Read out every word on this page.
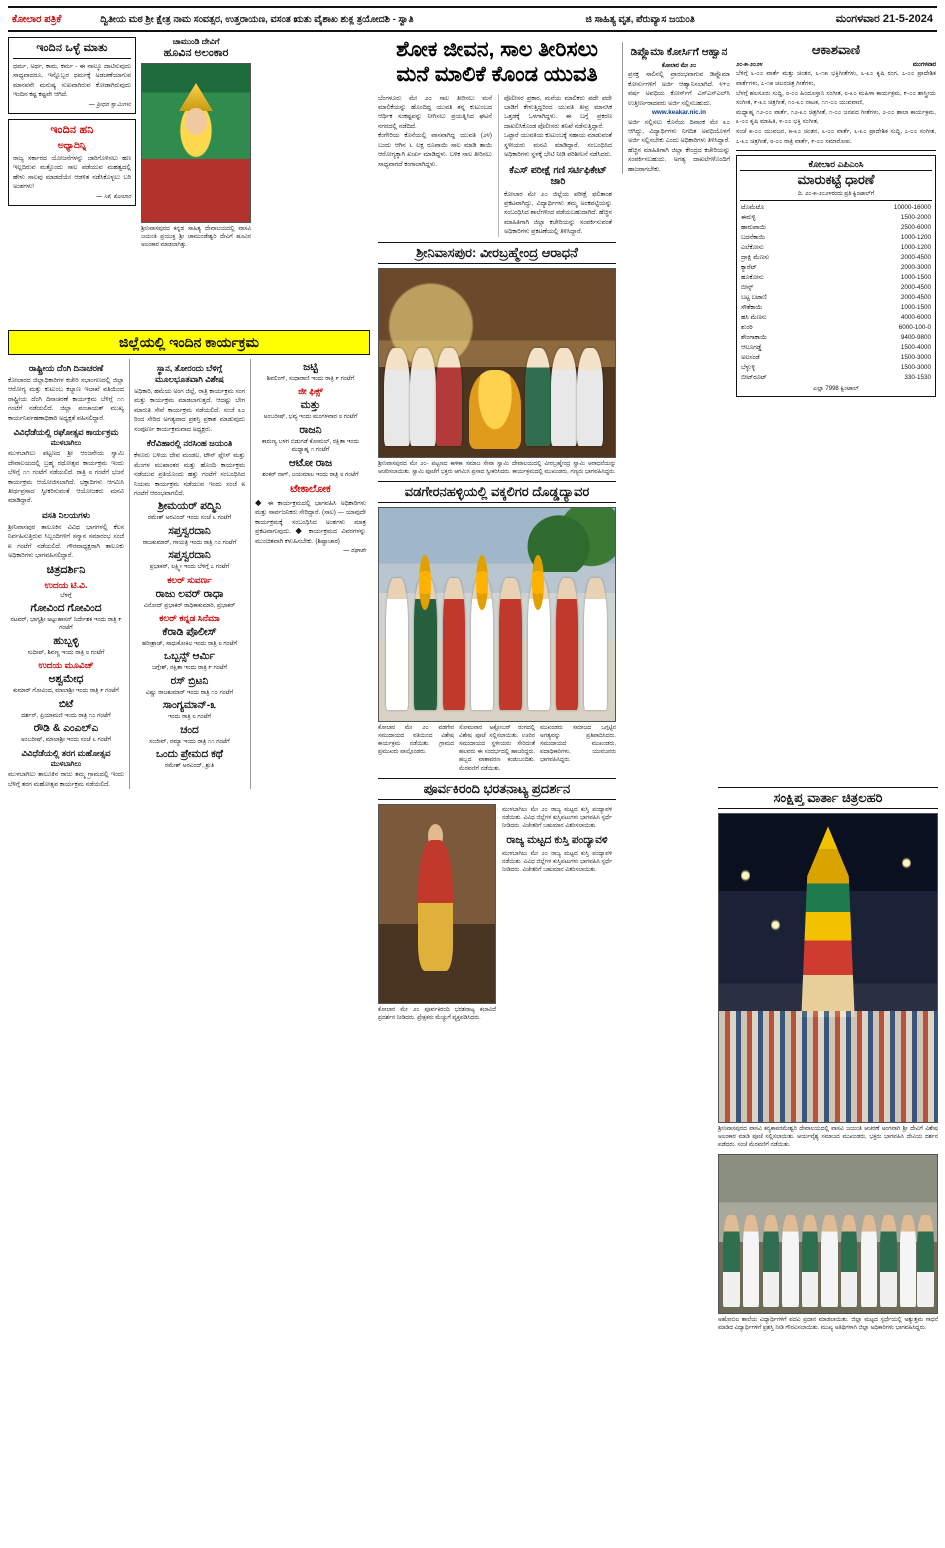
ಕೋಲಾರ ಪತ್ರಿಕೆ	ದ್ವಿತೀಯ ಮಠ ಶ್ರೀ ಕ್ಷೇತ್ರ ನಾಮ ಸಂವತ್ಸರ, ಉತ್ತರಾಯಣ, ವಸಂತ ಋತು ವೈಶಾಖ ಶುಕ್ಲ ತ್ರಯೋದಶಿ - ಸ್ವಾತಿ	ಜಿ ಸಾಹಿತ್ಯ ವೃತ, ಪೆರುವ್ಯಾಸ ಜಯಂತಿ	ಮಂಗಳವಾರ 21-5-2024
ಇಂದಿನ ಒಳ್ಳೆ ಮಾತು
ಧರ್ಮ, ಅರ್ಥ, ಕಾಮ, ಕರ್ಮ - ಈ ನಾಲ್ಕೂ ದಾಟಿಸುವುದು ಸಾಧ್ಯವಾದರೂ, ಇನ್ನೊಬ್ಬರ ಧರ್ಮಕ್ಕೆ ಅಡಚಣೆಯಾಗುವ ಮಾನವನೇ ಮನುಷ್ಯ ಸುಖವಾಗಿರುವ ಕೋಡಾಗಿರುವುದು ಇಂದಿನ ಕಷ್ಟ ಕಷ್ಟವೇ ಆಗಿದೆ.
— ಶ್ರೀಧರ ಸ್ವಾಮಿಗಳು
ಇಂದಿನ ಹನಿ
ಅಧ್ಯಾದಿನ್ನಿ
ರಾಜ್ಯ ಸರ್ಕಾರದ ಯೋಜನೆಗಳನ್ನು ಜಾರಿಗೊಳಿಸಲು ಹಣ ಇಲ್ಲದಿರುವ ಮತ್ತೊಂದು ಸಾಲ ಪಡೆಯುವ ಮಹತ್ವದಲ್ಲಿ ಹೇಳು ಸಾಲವು ಮಾಡದೆಯೇ ಆಡಳಿತ ನಡೆಸಿಕೊಳ್ಳಲು ಬರಿ ಅಂಶಗಳು!
— ಸಿಕೆ, ಕೋಲಾರ
ಚಾಮುಂಡಿ ದೇವಿಗೆ
ಹೂವಿನ ಅಲಂಕಾರ
ಶ್ರೀನಿವಾಸಪುರದ ಕನ್ನಡ ಸಾಹಿತ್ಯ ದೇವಾಲಯದಲ್ಲಿ ವಾಸವಿ ಜಯಂತಿ ಪ್ರಯುಕ್ತ ಶ್ರೀ ಚಾಮುಂಡೇಶ್ವರಿ ದೇವಿಗೆ ಹೂವಿನ ಅಲಂಕಾರ ಮಾಡಲಾಗಿತ್ತು.
ಜಿಲ್ಲೆಯಲ್ಲಿ ಇಂದಿನ ಕಾರ್ಯಕ್ರಮ
ರಾಷ್ಟ್ರೀಯ ದೆಂಗಿ ದಿನಾಚರಣೆ
ಕೋಲಾರದ ಜಿಲ್ಲಾಧಿಕಾರಿಗಳ ಕಚೇರಿ ಸಭಾಂಗಣದಲ್ಲಿ ಜಿಲ್ಲಾ ಆರೋಗ್ಯ ಮತ್ತು ಕುಟುಂಬ ಕಲ್ಯಾಣ ಇಲಾಖೆ ವತಿಯಿಂದ ರಾಷ್ಟ್ರೀಯ ದೆಂಗಿ ದಿನಾಚರಣೆ ಕಾರ್ಯಕ್ರಮ ಬೆಳಿಗ್ಗೆ ೧೧ ಗಂಟೆಗೆ ನಡೆಯಲಿದೆ. ಜಿಲ್ಲಾ ಪಂಚಾಯತ್ ಮುಖ್ಯ ಕಾರ್ಯನಿರ್ವಹಣಾಧಿಕಾರಿ ಅಧ್ಯಕ್ಷತೆ ವಹಿಸಲಿದ್ದಾರೆ.
ವಿವಿಧೆಡೆಯಲ್ಲಿ ರಘೋತ್ಸವ ಕಾರ್ಯಕ್ರಮ
ಮುಳಬಾಗಿಲು
ಮುಳಬಾಗಿಲು ಪಟ್ಟಣದ ಶ್ರೀ ಆಂಜನೇಯ ಸ್ವಾಮಿ ದೇವಾಲಯದಲ್ಲಿ ಬ್ರಹ್ಮ ರಥೋತ್ಸವ ಕಾರ್ಯಕ್ರಮ ಇಂದು ಬೆಳಿಗ್ಗೆ ೧೧ ಗಂಟೆಗೆ ನಡೆಯಲಿದೆ. ರಾತ್ರಿ ೮ ಗಂಟೆಗೆ ಭಜನೆ ಕಾರ್ಯಕ್ರಮ ಆಯೋಜಿಸಲಾಗಿದೆ. ಭಕ್ತಾದಿಗಳು ಆಗಮಿಸಿ ತೀರ್ಥಪ್ರಸಾದ ಸ್ವೀಕರಿಸುವಂತೆ ಆಯೋಜಕರು ಮನವಿ ಮಾಡಿದ್ದಾರೆ.
ವಸತಿ ನಿಲಯಗಳು
ಶ್ರೀನಿವಾಸಪುರ ತಾಲೂಕಿನ ವಿವಿಧ ಭಾಗಗಳಲ್ಲಿ ಕೆಲಸ ನಿರ್ವಹಿಸುತ್ತಿರುವ ಸಿಬ್ಬಂದಿಗಳಿಗೆ ಸನ್ಮಾನ ಸಮಾರಂಭ ಸಂಜೆ ೫ ಗಂಟೆಗೆ ನಡೆಯಲಿದೆ. ಗೌರವಾಧ್ಯಕ್ಷರಾಗಿ ತಾಲೂಕು ಅಧಿಕಾರಿಗಳು ಭಾಗವಹಿಸಲಿದ್ದಾರೆ.
ಚಿತ್ರದರ್ಶಿನಿ
ಉದಯ ಟಿ.ವಿ.
ಬೆಳಿಗ್ಗೆ
ಗೋವಿಂದ ಗೋವಿಂದ
ನಟವರ್, ಭಾಗ್ಯಶ್ರೀ ಅಟ್ಟುಹಾಸನ್ ನಿರ್ದೇಶಕ ಇಂದು ರಾತ್ರಿ ೯ ಗಂಟೆಗೆ
ಹುಬ್ಬಳ್ಳಿ
ಸುದೀಪ್, ಶಿವಣ್ಣ ಇಂದು ರಾತ್ರಿ ೮ ಗಂಟೆಗೆ
ಉದಯ ಮೂವಿಜ್
ಅಶ್ವಮೇಧ
ಕುಮಾರ್ ಗೋವಿಂದ, ಮಾಲಾಶ್ರೀ ಇಂದು ರಾತ್ರಿ ೯ ಗಂಟೆಗೆ
ಬಿಟೆ
ದರ್ಶನ್, ಪ್ರಿಯಾಮಣಿ ಇಂದು ರಾತ್ರಿ ೧೦ ಗಂಟೆಗೆ
ರೌಡಿ & ಎಂಎಲ್ಎ
ಅಂಬರೀಷ್, ಮಾಲಾಶ್ರೀ ಇಂದು ಸಂಜೆ ೬ ಗಂಟೆಗೆ
ವಿವಿಧೆಡೆಯಲ್ಲಿ ತರಗ ಮಹೋತ್ಸವ
ಮುಳಬಾಗಿಲು
ಮುಳಬಾಗಿಲು ತಾಲೂಕಿನ ರಾಜು ತಮ್ಮ ಗ್ರಾಮದಲ್ಲಿ ಇಂದು ಬೆಳಿಗ್ಗೆ ತರಗ ಮಹೋತ್ಸವ ಕಾರ್ಯಕ್ರಮ ನಡೆಯಲಿದೆ.
ಸ್ಥಾನ, ತೋರಂದು ಬೆಳಿಗ್ಗೆ ಮೂಲಭೂತವಾಗಿ ವಿಶೇಷ
ಅಧಿಕಾರಿ, ಹಮೆಯ ಅಂಗ ಜಿಲ್ಲೆ, ರಾತ್ರಿ ಕಾರ್ಯಕ್ರಮ ಸಂಗ ಮತ್ತು ಕಾರ್ಯಕ್ರಮ ಮಾಡಲಾಗುತ್ತದೆ. ಆದಷ್ಟು ಬೇಗ ಮಾರುತಿ ಸೇವೆ ಕಾರ್ಯಕ್ರಮ ನಡೆಯಲಿದೆ. ಸಂಜೆ ೩೦ ರಿಂದ ಸೇರಿದ ಅಗತ್ಯವಾದ ಪ್ರಶಸ್ತಿ ಪ್ರಕಾಶ ಮಾಡುವುದು ಸಂಪೂರ್ಣ ಕಾರ್ಯಕ್ರಮವಾದ ಅಧ್ಯಕ್ಷರು.
ಕೆರೆವಿಹಾರಲ್ಲಿ ನರಸಿಂಹ ಜಯಂತಿ
ಕೆಳೂರು ಬಳಿಯ ದೇವ ಮಂಡಲ, ಟೌನ್ ಪ್ಲೇಸ್ ಮತ್ತು ಮೆಂಗಳ ಮುಖಾಂತರ ಮತ್ತು ಹೊಂದಿ ಕಾರ್ಯಕ್ರಮ ನಡೆಯುವ ಪ್ರತಿಯೊಂದು ಹತ್ತು ಗಂಟೆಗೆ ಸಂಬಂಧಿಸಿದ ನಿಯಮ ಕಾರ್ಯಕ್ರಮ ನಡೆಯುವ ಇಂದು ಸಂಜೆ ೫ ಗಂಟೆಗೆ ಆರಂಭವಾಗಲಿದೆ.
ಶ್ರೀಮಯರ್ ಪದ್ಮಿನಿ
ರಮೇಶ್ ಅರವಿಂದ್ ಇಂದು ಸಂಜೆ ೬ ಗಂಟೆಗೆ
ಸಪ್ತಸ್ವರದಾನಿ
ರಾಜಕುಮಾರ್, ಗಾಯತ್ರಿ ಇಂದು ರಾತ್ರಿ ೧೦ ಗಂಟೆಗೆ
ಸಪ್ತಸ್ವರದಾನಿ
ಪ್ರಭಾಕರ್, ಲಕ್ಷ್ಮೀ ಇಂದು ಬೆಳಿಗ್ಗೆ ೭ ಗಂಟೆಗೆ
ಕಲರ್ ಸುವರ್ಣ
ರಾಜು ಲವರ್ ರಾಧಾ
ವಿನೋದ್ ಪ್ರಭಾಕರ್ ರಾಧಿಕಾಕುಮಾರಿ, ಪ್ರಭಾಕರ್
ಕಲರ್ ಕನ್ನಡ ಸಿನೆಮಾ
ಕೆರಾಡಿ ಪೊಲೀಸ್
ಹರೀಶ್ರಾಜ್, ಸಾಧುಕೋಕಿಲ ಇಂದು ರಾತ್ರಿ ೮ ಗಂಟೆಗೆ
ಒಬ್ಬನ್ಸ್ ಆರ್ಮಿ
ಜಗ್ಗೇಶ್, ರಕ್ಷಿತಾ ಇಂದು ರಾತ್ರಿ ೯ ಗಂಟೆಗೆ
ರಸ್ ಬ್ರಿಟನಿ
ವಿಷ್ಣು ರಾಜಕುಮಾರ್ ಇಂದು ರಾತ್ರಿ ೧೦ ಗಂಟೆಗೆ
ಸಾಂಗ್ಯಮಾನ್-೩
ಇಂದು ರಾತ್ರಿ ೮ ಗಂಟೆಗೆ
ಚಂದ
ಸಂಜೀವ್, ರಮ್ಯಾ ಇಂದು ರಾತ್ರಿ ೧೧ ಗಂಟೆಗೆ
ಒಂದು ಪ್ರೇಮದ ಕಥೆ
ರಮೇಶ್ ಅರವಿಂದ್, ಶ್ರುತಿ
ಜಟ್ಟಿ
ಶಿವಲಿಂಗ್, ಸುಧಾರಾಣಿ ಇಂದು ರಾತ್ರಿ ೯ ಗಂಟೆಗೆ
ಜೀ ಫಿಕ್ಸ್
ಮತ್ತು
ಅಂಬರೀಷ್, ಭವ್ಯ ಇಂದು ಮಂಗಳವಾರ ೮ ಗಂಟೆಗೆ
ರಾಜನಿ
ಕಾರುಣ್ಯ ಬಳಗ ಬಿಡುಗಡೆ ಕೋಮಲ್, ರಕ್ಷಿತಾ ಇಂದು ಮಧ್ಯಾಹ್ನ ೧ ಗಂಟೆಗೆ
ಆಟೋ ರಾಜ
ಶಂಕರ್ ನಾಗ್, ಜಯಮಾಲ ಇಂದು ರಾತ್ರಿ ೮ ಗಂಟೆಗೆ
ಟೇಕಾಲೋಕ
◆ ಈ ಕಾರ್ಯಕ್ರಮದಲ್ಲಿ ಭಾಗವಹಿಸಿ ಅಧಿಕಾರಿಗಳು ಮತ್ತು ಸಾರ್ವಜನಿಕರು ಸೇರಿದ್ದಾರೆ. (ಸಾಲ) — ಯಾವುದೇ ಕಾರ್ಯಕ್ರಮಕ್ಕೆ ಸಂಬಂಧಿಸಿದ ಅಂಶಗಳು ಮಾತ್ರ ಪ್ರಕಟವಾಗುವುದು. ◆ ಕಾರ್ಯಕ್ರಮದ ವಿವರಗಳನ್ನು ಮುಂಚಿತವಾಗಿ ಕಳುಹಿಸಬೇಕು. (ಶಿಷ್ಟಾಚಾರ)
— ರಘಾಶೇ
ಶೋಕ ಜೀವನ, ಸಾಲ ತೀರಿಸಲು ಮನೆ ಮಾಲಿಕೆ ಕೊಂಡ ಯುವತಿ
ಬೆಂಗಳೂರು ಮೇ ೨೦ ಸಾಲ ತೀರಿಸಲು ಮನೆ ಮಾಲಿಕೆಯನ್ನು ಹೊಂದಿದ್ದ ಯುವತಿ ತನ್ನ ಕುಟುಂಬದ ಆರ್ಥಿಕ ಸಂಕಷ್ಟವನ್ನು ನೀಗಿಸಲು ಪ್ರಯತ್ನಿಸಿದ ಘಟನೆ ನಗರದಲ್ಲಿ ನಡೆದಿದೆ.
ಕೆಂಗೇರಿಯ ಕೊನೆಯಲ್ಲಿ ವಾಸವಾಗಿದ್ದ ಯುವತಿ (೨೪) ಬಂದು ಆಗಿನ ೬ ಲಕ್ಷ ರೂಪಾಯಿ ಸಾಲ ಮಾಡಿ ತಾಯಿ ಆರೋಗ್ಯಕ್ಕಾಗಿ ಖರ್ಚು ಮಾಡಿದ್ದಳು. ಬಳಿಕ ಸಾಲ ತೀರಿಸಲು ಸಾಧ್ಯವಾಗದೆ ಕಂಗಾಲಾಗಿದ್ದಳು.
ಪೊಲೀಸರ ಪ್ರಕಾರ, ಮನೆಯ ಮಾಲಿಕರು ಪದೇ ಪದೇ ಬಾಡಿಗೆ ಕೇಳುತ್ತಿದ್ದರಿಂದ ಯುವತಿ ತೀವ್ರ ಮಾನಸಿಕ ಒತ್ತಡಕ್ಕೆ ಒಳಗಾಗಿದ್ದಳು. ಈ ಬಗ್ಗೆ ಪ್ರಕರಣ ದಾಖಲಿಸಿಕೊಂಡ ಪೊಲೀಸರು ತನಿಖೆ ನಡೆಸುತ್ತಿದ್ದಾರೆ.
ಒಟ್ಟಾರೆ ಯುವತಿಯ ಕುಟುಂಬಕ್ಕೆ ಸಹಾಯ ಮಾಡುವಂತೆ ಸ್ಥಳೀಯರು ಮನವಿ ಮಾಡಿದ್ದಾರೆ. ಸಂಬಂಧಿಸಿದ ಅಧಿಕಾರಿಗಳು ಸ್ಥಳಕ್ಕೆ ಭೇಟಿ ನೀಡಿ ಪರಿಶೀಲನೆ ನಡೆಸಿದರು.
ಕೆಎಸ್ ಪರೀಕ್ಷೆ ಗಣಿ ಸರ್ಟಿಫಿಕೇಟ್ ಜಾರಿ
ಕೋಲಾರ ಮೇ ೨೦ ಜಿಲ್ಲೆಯ ಪರೀಕ್ಷೆ ಫಲಿತಾಂಶ ಪ್ರಕಟವಾಗಿದ್ದು, ವಿದ್ಯಾರ್ಥಿಗಳು ತಮ್ಮ ಅಂಕಪಟ್ಟಿಯನ್ನು ಸಂಬಂಧಿಸಿದ ಶಾಲೆಗಳಿಂದ ಪಡೆಯಬಹುದಾಗಿದೆ. ಹೆಚ್ಚಿನ ಮಾಹಿತಿಗಾಗಿ ಜಿಲ್ಲಾ ಕಚೇರಿಯನ್ನು ಸಂಪರ್ಕಿಸುವಂತೆ ಅಧಿಕಾರಿಗಳು ಪ್ರಕಟಣೆಯಲ್ಲಿ ತಿಳಿಸಿದ್ದಾರೆ.
ಶ್ರೀನಿವಾಸಪುರ: ವೀರಬ್ರಹ್ಮೇಂದ್ರ ಆರಾಧನೆ
ಶ್ರೀನಿವಾಸಪುರದ ಮೇ ೨೦- ಪಟ್ಟಣದ ಕಾಳಿಕಾ ಸಮಾಜ ಸೇವಾ ಸ್ವಾಮಿ ದೇವಾಲಯದಲ್ಲಿ ವೀರಬ್ರಹ್ಮೇಂದ್ರ ಸ್ವಾಮಿ ಆರಾಧನೆಯನ್ನು ಆಚರಿಸಲಾಯಿತು. ಸ್ವಾಮಿ ಪೂಜೆಗೆ ಭಕ್ತರು ಆಗಮಿಸಿ ಪ್ರಸಾದ ಸ್ವೀಕರಿಸಿದರು. ಕಾರ್ಯಕ್ರಮದಲ್ಲಿ ಮುಖಂಡರು, ಗಣ್ಯರು ಭಾಗವಹಿಸಿದ್ದರು.
ವಡಗೇರನಹಳ್ಳಿಯಲ್ಲಿ ವಕ್ಕಲಿಗರ ದೊಡ್ಡದ್ಯಾವರ
ಕೋಲಾರ ಮೇ ೨೦ ವಡಗೇರ ಸಮುದಾಯದ ವತಿಯಿಂದ ವಿಶೇಷ ಕಾರ್ಯಕ್ರಮ ನಡೆಯಿತು. ಗ್ರಾಮದ ಪ್ರಮುಖರು ಪಾಲ್ಗೊಂಡರು.
ಸೋಮವಾರ ಅಕ್ಟೋಬರ್ ರಂಗದಲ್ಲಿ ವಿಶೇಷ ಪೂಜೆ ಸಲ್ಲಿಸಲಾಯಿತು. ಊರಿನ ಸಮುದಾಯದ ಸ್ಥಳೀಯರು ಸೇರಿದಂತೆ ಹಲವರು ಈ ಸಂದರ್ಭದಲ್ಲಿ ಹಾಜರಿದ್ದರು. ಹಬ್ಬದ ವಾತಾವರಣ ಕಂಡುಬಂದಿತು. ಮೆರವಣಿಗೆ ನಡೆಯಿತು.
ಮುಖಂಡರು ಸಮಾಜದ ಒಗ್ಗಟ್ಟಿನ ಅಗತ್ಯವನ್ನು ಪ್ರತಿಪಾದಿಸಿದರು. ಸಮುದಾಯದ ಮುಖಂಡರು, ಪದಾಧಿಕಾರಿಗಳು, ಯುವಜನರು ಭಾಗವಹಿಸಿದ್ದರು.
ಪೂರ್ವಕಿರಂದಿ ಭರತನಾಟ್ಯ ಪ್ರದರ್ಶನ
ಕೋಲಾರ ಮೇ ೨೦ ಪೂರ್ವಕಿರಂದಿ ಭರತನಾಟ್ಯ ಕಲಾವಿದೆ ಪ್ರದರ್ಶನ ನೀಡಿದರು. ಪ್ರೇಕ್ಷಕರು ಮೆಚ್ಚುಗೆ ವ್ಯಕ್ತಪಡಿಸಿದರು.
ಮುಳಬಾಗಿಲು ಮೇ ೨೦ ರಾಜ್ಯ ಮಟ್ಟದ ಕುಸ್ತಿ ಪಂದ್ಯಾವಳಿ ನಡೆಯಿತು. ವಿವಿಧ ಜಿಲ್ಲೆಗಳ ಕುಸ್ತಿಪಟುಗಳು ಭಾಗವಹಿಸಿ ಸ್ಪರ್ಧೆ ನೀಡಿದರು. ವಿಜೇತರಿಗೆ ಬಹುಮಾನ ವಿತರಿಸಲಾಯಿತು.
ರಾಜ್ಯ ಮಟ್ಟದ ಕುಸ್ತಿ ಪಂದ್ಯಾವಳಿ
ಮುಳಬಾಗಿಲು ಮೇ ೨೦ ರಾಜ್ಯ ಮಟ್ಟದ ಕುಸ್ತಿ ಪಂದ್ಯಾವಳಿ ನಡೆಯಿತು. ವಿವಿಧ ಜಿಲ್ಲೆಗಳ ಕುಸ್ತಿಪಟುಗಳು ಭಾಗವಹಿಸಿ ಸ್ಪರ್ಧೆ ನೀಡಿದರು. ವಿಜೇತರಿಗೆ ಬಹುಮಾನ ವಿತರಿಸಲಾಯಿತು.
ಡಿಪ್ಲೊಮಾ ಕೋರ್ಸಿಗೆ ಆಹ್ವಾನ
ಕೋಲಾರ ಮೇ ೨೦
ಪ್ರಸಕ್ತ ಸಾಲಿನಲ್ಲಿ ಪ್ರಾರಂಭವಾಗುವ ಡಿಪ್ಲೊಮಾ ಕೋರ್ಸುಗಳಿಗೆ ಅರ್ಜಿ ಆಹ್ವಾನಿಸಲಾಗಿದೆ. ೪+೦ ವರ್ಷ ಅವಧಿಯ ಕೋರ್ಸ್‌ಗೆ ಎಸ್ಎಸ್ಎಲ್‌ಸಿ ಉತ್ತೀರ್ಣರಾದವರು ಅರ್ಜಿ ಸಲ್ಲಿಸಬಹುದು.
www.keakar.nic.in
ಅರ್ಜಿ ಸಲ್ಲಿಸಲು ಕೊನೆಯ ದಿನಾಂಕ ಮೇ ೩೦ ಆಗಿದ್ದು, ವಿದ್ಯಾರ್ಥಿಗಳು ನಿಗದಿತ ಅವಧಿಯೊಳಗೆ ಅರ್ಜಿ ಸಲ್ಲಿಸಬೇಕು ಎಂದು ಅಧಿಕಾರಿಗಳು ತಿಳಿಸಿದ್ದಾರೆ.
ಹೆಚ್ಚಿನ ಮಾಹಿತಿಗಾಗಿ ಜಿಲ್ಲಾ ಕೇಂದ್ರದ ಕಚೇರಿಯನ್ನು ಸಂಪರ್ಕಿಸಬಹುದು. ಅಗತ್ಯ ದಾಖಲೆಗಳೊಂದಿಗೆ ಹಾಜರಾಗಬೇಕು.
ಆಕಾಶವಾಣಿ
೨೦-೫-೨೦೨೪	ಮಂಗಳವಾರ
ಬೆಳಿಗ್ಗೆ ೬-೦೦ ವಾರ್ತೆ ಮತ್ತು ಚಿಂತನ, ೬-೧೫ ಭಕ್ತಿಗೀತೆಗಳು, ೬-೩೦ ಕೃಷಿ ರಂಗ, ೭-೦೦ ಪ್ರಾದೇಶಿಕ ವಾರ್ತೆಗಳು, ೭-೧೫ ಚಲನಚಿತ್ರ ಗೀತೆಗಳು,
ಬೆಳಗ್ಗೆ ಹಲಸೂರು ಸುದ್ದಿ, ೮-೦೦ ಹಿಂದೂಸ್ತಾನಿ ಸಂಗೀತ, ೮-೩೦ ಮಹಿಳಾ ಕಾರ್ಯಕ್ರಮ, ೯-೦೦ ಶಾಸ್ತ್ರೀಯ ಸಂಗೀತ, ೯-೩೦ ಚಿತ್ರಗೀತೆ, ೧೦-೩೦ ನಾಟಕ, ೧೧-೦೦ ಯುವವಾಣಿ,
ಮಧ್ಯಾಹ್ನ ೧೨-೦೦ ವಾರ್ತೆ, ೧೨-೩೦ ಚಿತ್ರಗೀತೆ, ೧-೦೦ ಜನಪದ ಗೀತೆಗಳು, ೨-೦೦ ಶಾಲಾ ಕಾರ್ಯಕ್ರಮ, ೩-೦೦ ಕೃಷಿ ಮಾಹಿತಿ, ೪-೦೦ ಭಕ್ತಿ ಸಂಗೀತ,
ಸಂಜೆ ೫-೦೦ ಯುವಜನ, ೫-೩೦ ಚಿಂತನ, ೬-೦೦ ವಾರ್ತೆ, ೬-೩೦ ಪ್ರಾದೇಶಿಕ ಸುದ್ದಿ, ೭-೦೦ ಸಂಗೀತ, ೭-೩೦ ಚಿತ್ರಗೀತೆ, ೮-೦೦ ರಾತ್ರಿ ವಾರ್ತೆ, ೯-೦೦ ಸಮಾರೋಪ.
ಕೋಲಾರ ಎಪಿಎಂಸಿ
ಮಾರುಕಟ್ಟೆ ಧಾರಣೆ
ದಿ. ೨೦-೫-೨೦೨೪ರಂದು ಪ್ರತಿ ಕ್ವಿಂಟಾಲ್‌ಗೆ
ಟೊಮೆಟೊ	10000-16000
ಈರುಳ್ಳಿ	1500-2000
ಹಾರುಪಾಯಿ	2500-6000
ಬದನೆಕಾಯಿ	1000-1200
ಎಲೆಕೋಸು	1000-1200
ದ್ರಾಕ್ಷಿ ಮೆಣಸು	2000-4500
ಕ್ಯಾರೆಟ್	2000-3000
ಹೂಕೋಸು	1000-1500
ಬೀನ್ಸ್	2000-4500
ಬಟ್ಟ ಬಟಾಣಿ	2000-4500
ಸೌತೆಕಾಯಿ	1000-1500
ಹಸಿ ಮೆಣಸು	4000-6000
ಶುಂಠಿ	6000-100-0
ಶೇಂಗಾಕಾಯಿ	9400-9800
ಆಲೂಗಡ್ಡೆ	1500-4000
ಅಲಸಂಡೆ	1500-3000
ಬೆಳ್ಳುಳ್ಳಿ	1500-3000
ಬೀಟ್‌ರೂಟ್	330-1530
ಎಲ್ಲಾ 7998 ಕ್ವಿಂಟಾಲ್
ಸಂಕ್ಷಿಪ್ತ ವಾರ್ತಾ ಚಿತ್ರಲಹರಿ
ಶ್ರೀನಿವಾಸಪುರದ ವಾಸವಿ ಕನ್ಯಕಾಪರಮೇಶ್ವರಿ ದೇವಾಲಯದಲ್ಲಿ ವಾಸವಿ ಜಯಂತಿ ಆಚರಣೆ ಅಂಗವಾಗಿ ಶ್ರೀ ದೇವಿಗೆ ವಿಶೇಷ ಅಲಂಕಾರ ಮಾಡಿ ಪೂಜೆ ಸಲ್ಲಿಸಲಾಯಿತು. ಆರ್ಯವೈಶ್ಯ ಸಮಾಜದ ಮುಖಂಡರು, ಭಕ್ತರು ಭಾಗವಹಿಸಿ ದೇವಿಯ ದರ್ಶನ ಪಡೆದರು. ಸಂಜೆ ಮೆರವಣಿಗೆ ನಡೆಯಿತು.
ಅಹೋಬಿಲ ಶಾಲೆಯ ವಿದ್ಯಾರ್ಥಿಗಳಿಗೆ ಪದವಿ ಪ್ರದಾನ ಮಾಡಲಾಯಿತು. ಜಿಲ್ಲಾ ಮಟ್ಟದ ಸ್ಪರ್ಧೆಯಲ್ಲಿ ಅತ್ಯುತ್ತಮ ಸಾಧನೆ ಮಾಡಿದ ವಿದ್ಯಾರ್ಥಿಗಳಿಗೆ ಪ್ರಶಸ್ತಿ ನೀಡಿ ಗೌರವಿಸಲಾಯಿತು. ಮುಖ್ಯ ಅತಿಥಿಗಳಾಗಿ ಜಿಲ್ಲಾ ಅಧಿಕಾರಿಗಳು ಭಾಗವಹಿಸಿದ್ದರು.
